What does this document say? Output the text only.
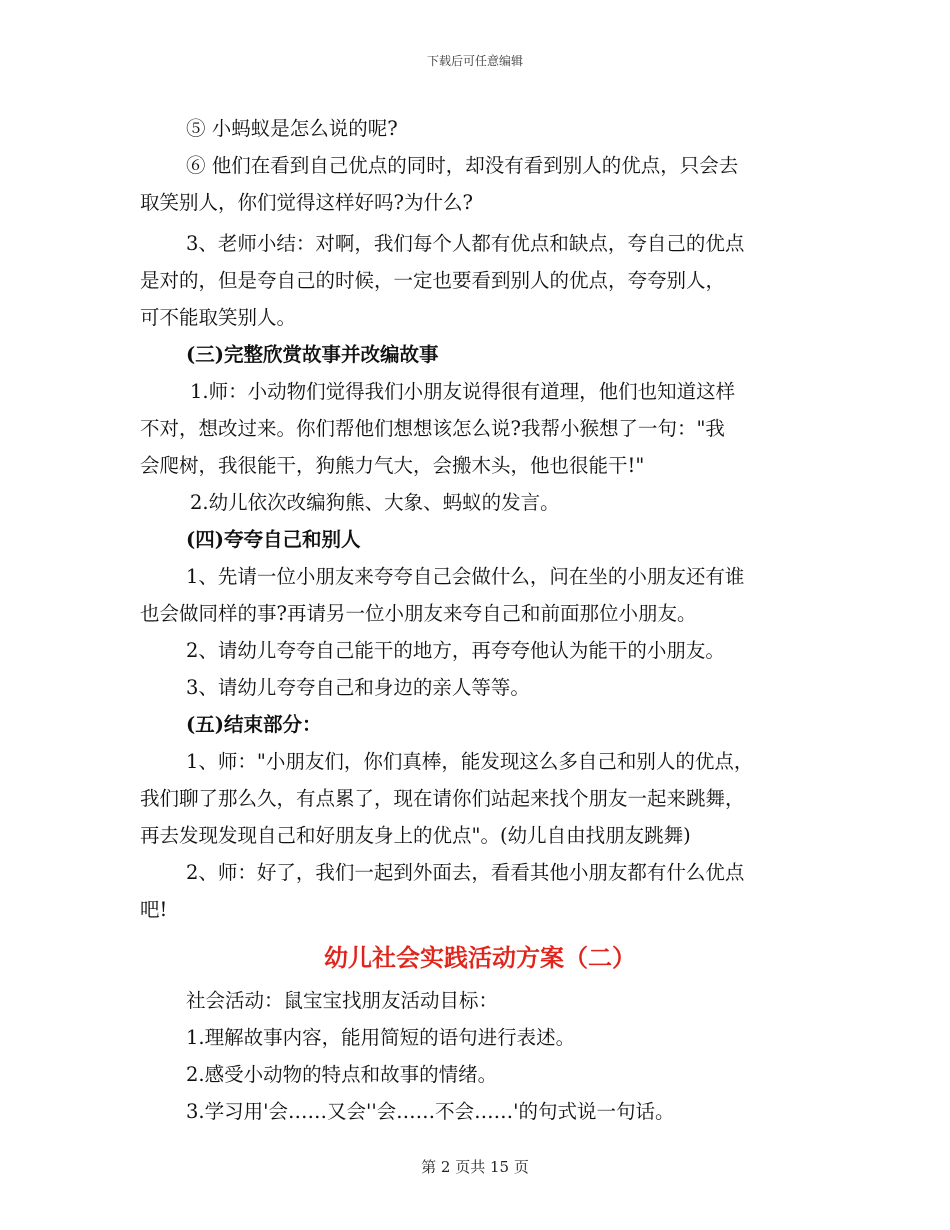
下载后可任意编辑

⑤ 小蚂蚁是怎么说的呢?

⑥ 他们在看到自己优点的同时，却没有看到别人的优点，只会去

取笑别人，你们觉得这样好吗?为什么?

3、老师小结：对啊，我们每个人都有优点和缺点，夸自己的优点

是对的，但是夸自己的时候，一定也要看到别人的优点，夸夸别人，

可不能取笑别人。

(三)完整欣赏故事并改编故事

1.师：小动物们觉得我们小朋友说得很有道理，他们也知道这样

不对，想改过来。你们帮他们想想该怎么说?我帮小猴想了一句："我

会爬树，我很能干，狗熊力气大，会搬木头，他也很能干!"

2.幼儿依次改编狗熊、大象、蚂蚁的发言。

(四)夸夸自己和别人

1、先请一位小朋友来夸夸自己会做什么，问在坐的小朋友还有谁

也会做同样的事?再请另一位小朋友来夸自己和前面那位小朋友。

2、请幼儿夸夸自己能干的地方，再夸夸他认为能干的小朋友。

3、请幼儿夸夸自己和身边的亲人等等。

(五)结束部分：

1、师："小朋友们，你们真棒，能发现这么多自己和别人的优点，

我们聊了那么久，有点累了，现在请你们站起来找个朋友一起来跳舞，

再去发现发现自己和好朋友身上的优点"。(幼儿自由找朋友跳舞)

2、师：好了，我们一起到外面去，看看其他小朋友都有什么优点

吧!

幼儿社会实践活动方案（二）

社会活动：鼠宝宝找朋友活动目标：

1.理解故事内容，能用简短的语句进行表述。

2.感受小动物的特点和故事的情绪。

3.学习用'会……又会''会……不会……'的句式说一句话。

第 2 页共 15 页
